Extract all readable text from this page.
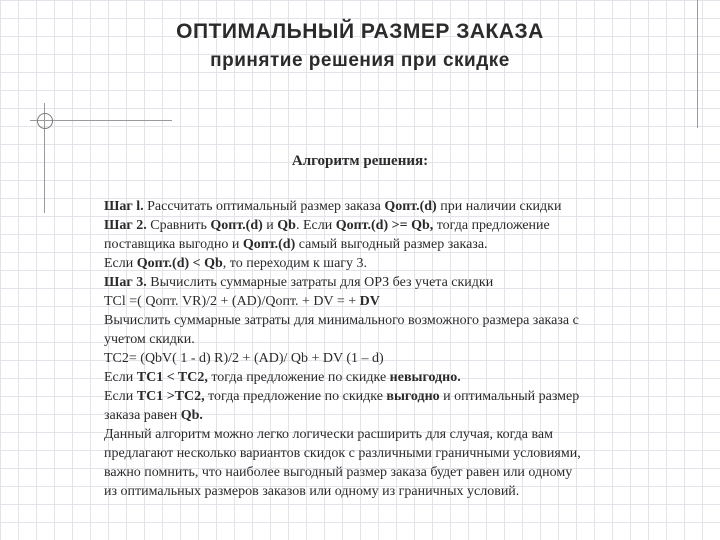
ОПТИМАЛЬНЫЙ РАЗМЕР ЗАКАЗА
принятие решения при скидке
Алгоритм решения:
Шаг l. Рассчитать оптимальный размер заказа Qопт.(d) при наличии скидки
Шаг 2. Сравнить Qопт.(d) и Qb. Если Qопт.(d) >= Qb, тогда предложение
поставщика выгодно и Qопт.(d) самый выгодный размер заказа.
Если Qопт.(d) < Qb, то переходим к шагу 3.
Шаг 3. Вычислить суммарные затраты для ОРЗ без учета скидки
TCl =( Qопт. VR)/2 + (AD)/Qопт. + DV = + DV
Вычислить суммарные затраты для минимального возможного размера заказа с
учетом скидки.
TC2= (QbV( 1 - d) R)/2 + (AD)/ Qb + DV (1 – d)
Если TC1 < TC2, тогда предложение по скидке невыгодно.
Если TC1 >TC2, тогда предложение по скидке выгодно и оптимальный размер
заказа равен Qb.
Данный алгоритм можно легко логически расширить для случая, когда вам
предлагают несколько вариантов скидок с различными граничными условиями,
важно помнить, что наиболее выгодный размер заказа будет равен или одному
из оптимальных размеров заказов или одному из граничных условий.
